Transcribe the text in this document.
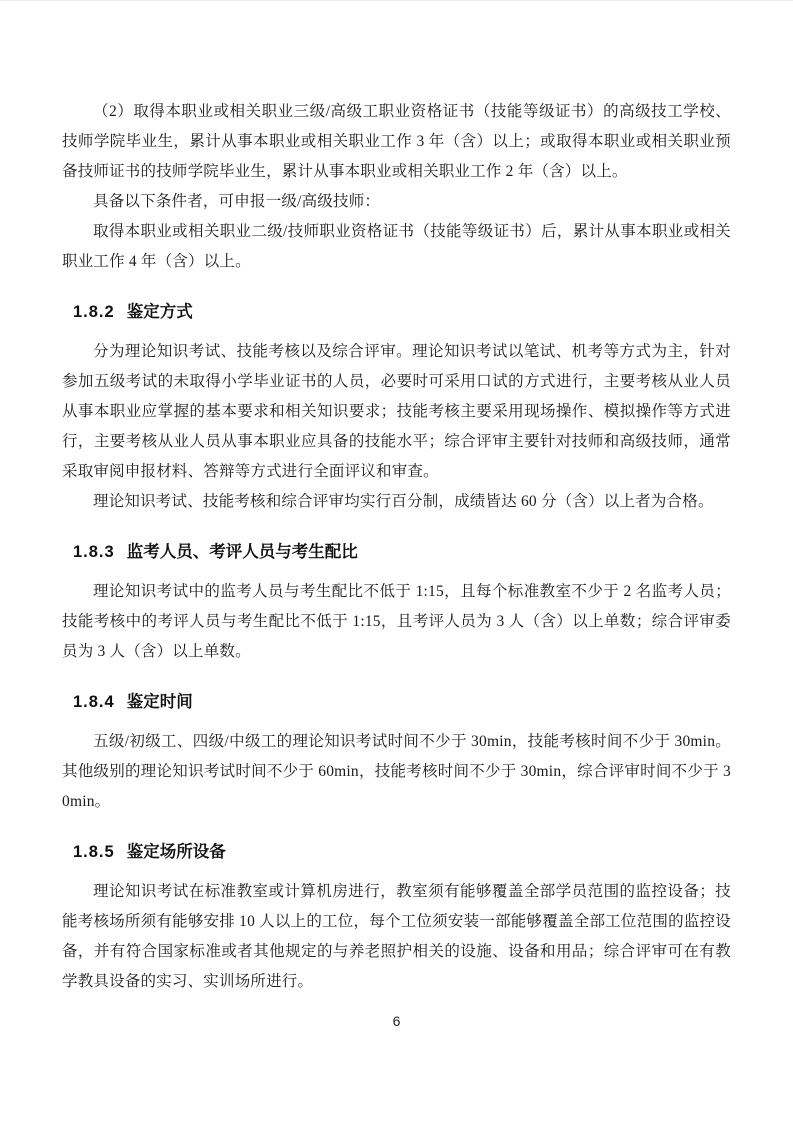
（2）取得本职业或相关职业三级/高级工职业资格证书（技能等级证书）的高级技工学校、技师学院毕业生，累计从事本职业或相关职业工作 3 年（含）以上；或取得本职业或相关职业预备技师证书的技师学院毕业生，累计从事本职业或相关职业工作 2 年（含）以上。

具备以下条件者，可申报一级/高级技师：

取得本职业或相关职业二级/技师职业资格证书（技能等级证书）后，累计从事本职业或相关职业工作 4 年（含）以上。

1.8.2 鉴定方式

分为理论知识考试、技能考核以及综合评审。理论知识考试以笔试、机考等方式为主，针对参加五级考试的未取得小学毕业证书的人员，必要时可采用口试的方式进行，主要考核从业人员从事本职业应掌握的基本要求和相关知识要求；技能考核主要采用现场操作、模拟操作等方式进行，主要考核从业人员从事本职业应具备的技能水平；综合评审主要针对技师和高级技师，通常采取审阅申报材料、答辩等方式进行全面评议和审查。

理论知识考试、技能考核和综合评审均实行百分制，成绩皆达 60 分（含）以上者为合格。

1.8.3 监考人员、考评人员与考生配比

理论知识考试中的监考人员与考生配比不低于 1:15，且每个标准教室不少于 2 名监考人员；技能考核中的考评人员与考生配比不低于 1:15，且考评人员为 3 人（含）以上单数；综合评审委员为 3 人（含）以上单数。

1.8.4 鉴定时间

五级/初级工、四级/中级工的理论知识考试时间不少于 30min，技能考核时间不少于 30min。其他级别的理论知识考试时间不少于 60min，技能考核时间不少于 30min，综合评审时间不少于 30min。

1.8.5 鉴定场所设备

理论知识考试在标准教室或计算机房进行，教室须有能够覆盖全部学员范围的监控设备；技能考核场所须有能够安排 10 人以上的工位，每个工位须安装一部能够覆盖全部工位范围的监控设备，并有符合国家标准或者其他规定的与养老照护相关的设施、设备和用品；综合评审可在有教学教具设备的实习、实训场所进行。

6
